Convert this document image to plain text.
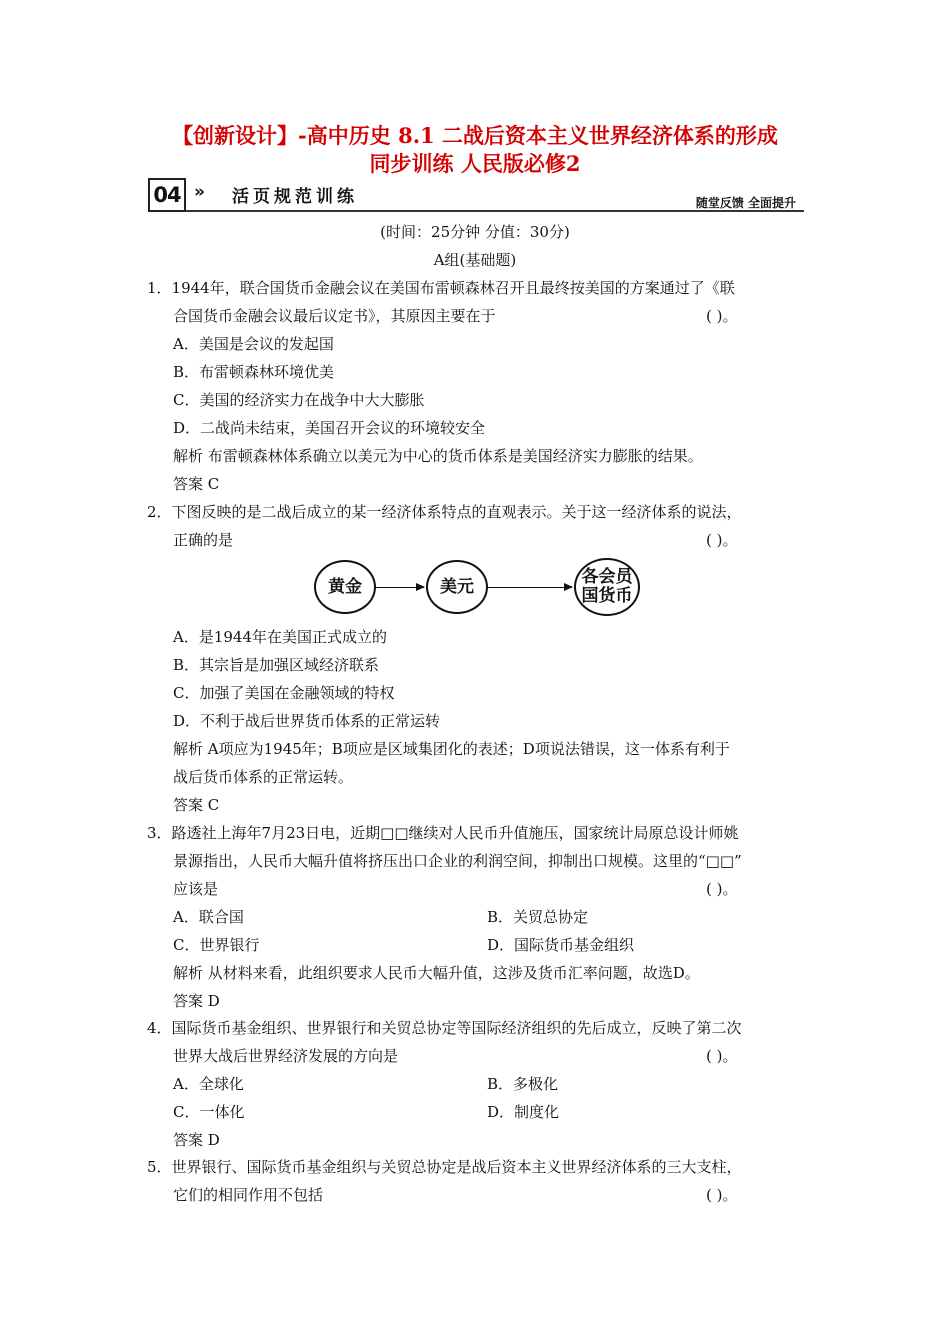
【创新设计】-高中历史 8.1 二战后资本主义世界经济体系的形成
同步训练 人民版必修2
04 » 活页规范训练	随堂反馈 全面提升
(时间：25分钟 分值：30分)
A组(基础题)
1．1944年，联合国货币金融会议在美国布雷顿森林召开且最终按美国的方案通过了《联
合国货币金融会议最后议定书》，其原因主要在于	( )。
A．美国是会议的发起国
B．布雷顿森林环境优美
C．美国的经济实力在战争中大大膨胀
D．二战尚未结束，美国召开会议的环境较安全
解析 布雷顿森林体系确立以美元为中心的货币体系是美国经济实力膨胀的结果。
答案 C
2．下图反映的是二战后成立的某一经济体系特点的直观表示。关于这一经济体系的说法，
正确的是	( )。
黄金	美元	各会员
国货币
A．是1944年在美国正式成立的
B．其宗旨是加强区域经济联系
C．加强了美国在金融领域的特权
D．不利于战后世界货币体系的正常运转
解析 A项应为1945年；B项应是区域集团化的表述；D项说法错误，这一体系有利于
战后货币体系的正常运转。
答案 C
3．路透社上海年7月23日电，近期□□继续对人民币升值施压，国家统计局原总设计师姚
景源指出，人民币大幅升值将挤压出口企业的利润空间，抑制出口规模。这里的“□□”
应该是	( )。
A．联合国	B．关贸总协定
C．世界银行	D．国际货币基金组织
解析 从材料来看，此组织要求人民币大幅升值，这涉及货币汇率问题，故选D。
答案 D
4．国际货币基金组织、世界银行和关贸总协定等国际经济组织的先后成立，反映了第二次
世界大战后世界经济发展的方向是	( )。
A．全球化	B．多极化
C．一体化	D．制度化
答案 D
5．世界银行、国际货币基金组织与关贸总协定是战后资本主义世界经济体系的三大支柱，
它们的相同作用不包括	( )。
